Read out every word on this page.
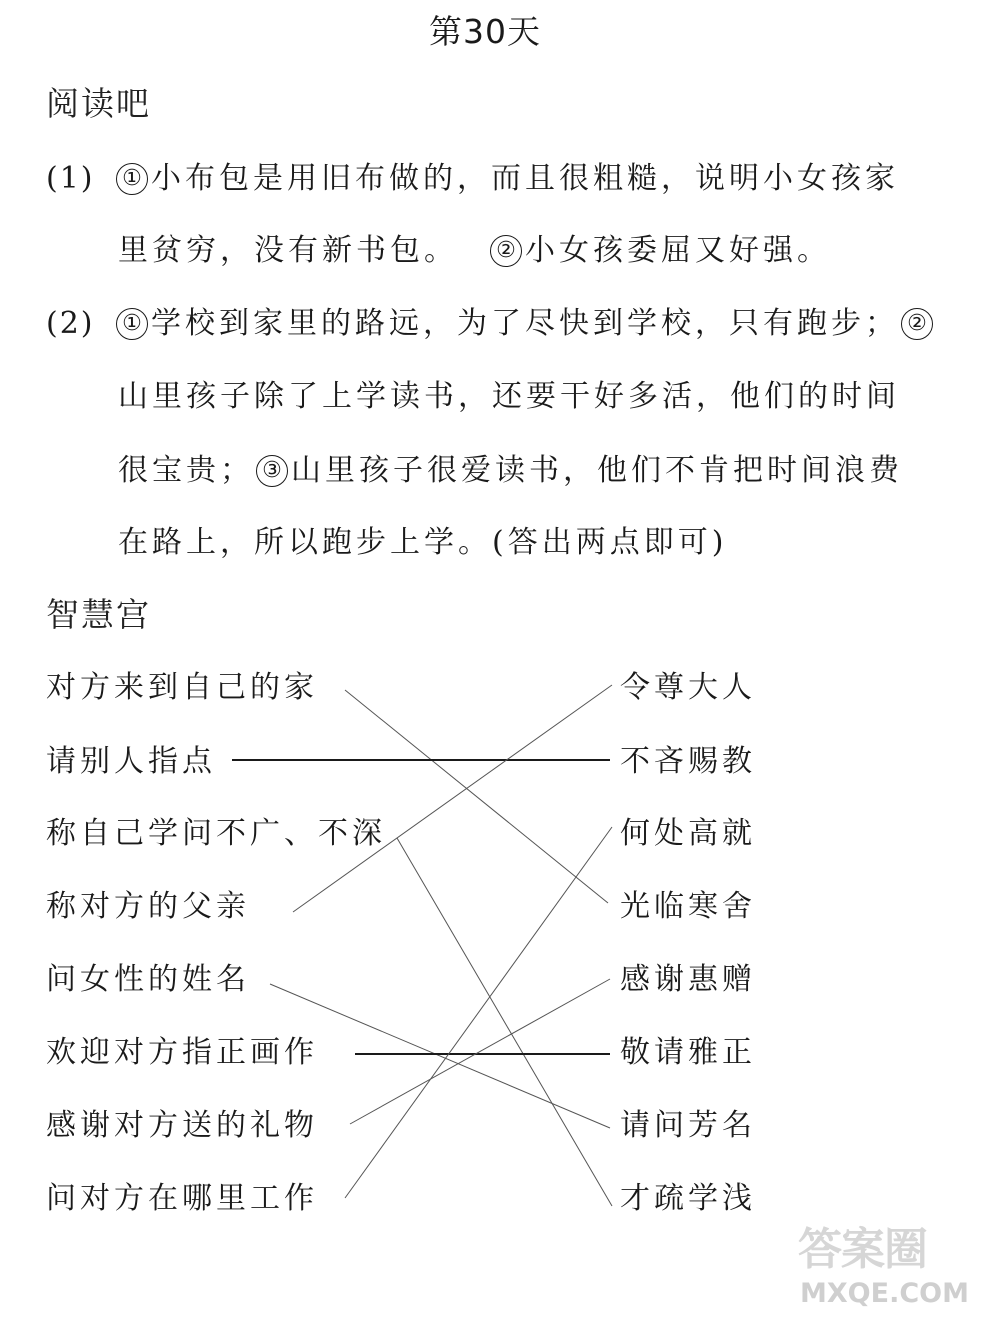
第30天
阅读吧
(1) ① 小布包是用旧布做的，而且很粗糙，说明小女孩家
里贫穷，没有新书包。 ② 小女孩委屈又好强。
(2) ① 学校到家里的路远，为了尽快到学校，只有跑步； ②
山里孩子除了上学读书，还要干好多活，他们的时间
很宝贵； ③ 山里孩子很爱读书，他们不肯把时间浪费
在路上，所以跑步上学。(答出两点即可)
智慧宫
对方来到自己的家
请别人指点
称自己学问不广、不深
称对方的父亲
问女性的姓名
欢迎对方指正画作
感谢对方送的礼物
问对方在哪里工作
令尊大人
不吝赐教
何处高就
光临寒舍
感谢惠赠
敬请雅正
请问芳名
才疏学浅
答案圈
MXQE.COM
